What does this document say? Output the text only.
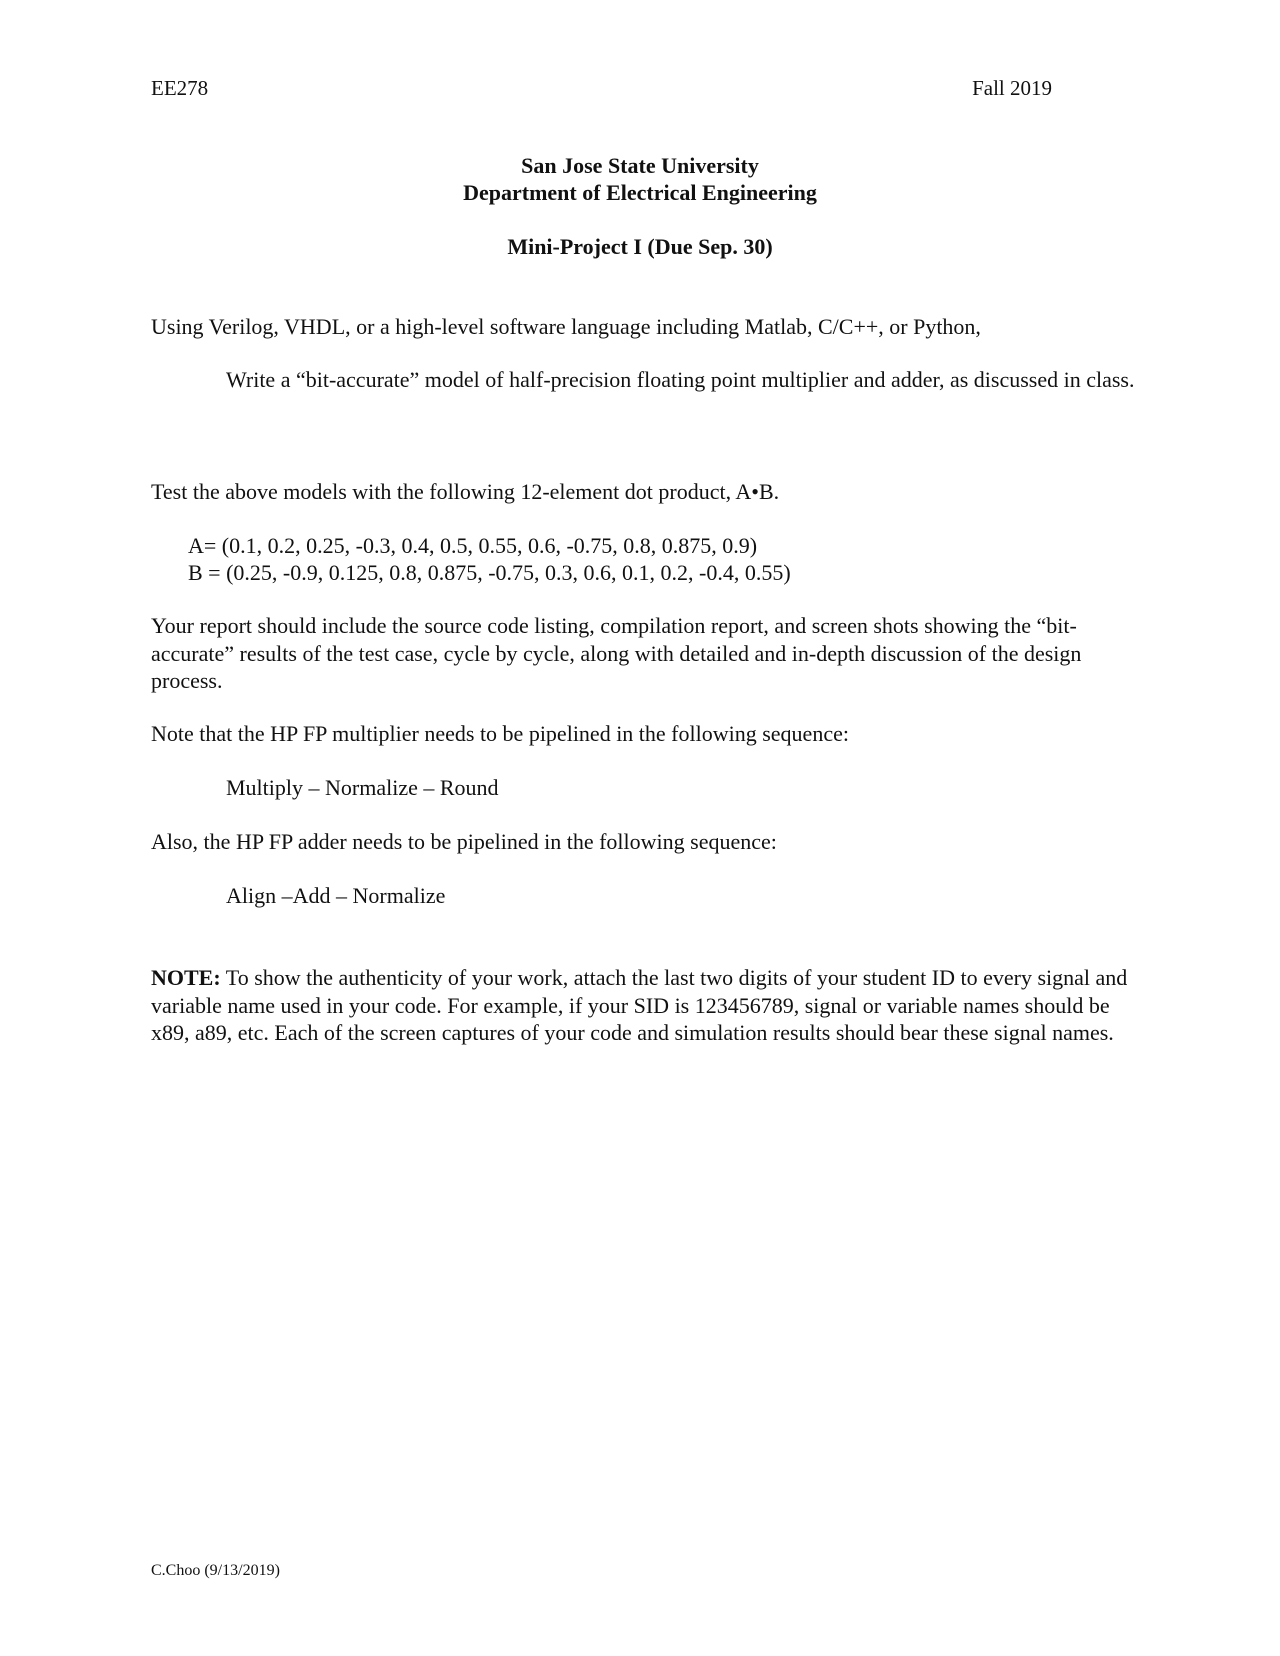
EE278	Fall 2019
San Jose State University
Department of Electrical Engineering
Mini-Project I (Due Sep. 30)
Using Verilog, VHDL, or a high-level software language including Matlab, C/C++, or Python,
Write a “bit-accurate” model of half-precision floating point multiplier and adder, as discussed in class.
Test the above models with the following 12-element dot product, A•B.
A= (0.1, 0.2, 0.25, -0.3, 0.4, 0.5, 0.55, 0.6, -0.75, 0.8, 0.875, 0.9)
B = (0.25, -0.9, 0.125, 0.8, 0.875, -0.75, 0.3, 0.6, 0.1, 0.2, -0.4, 0.55)
Your report should include the source code listing, compilation report, and screen shots showing the “bit-accurate” results of the test case, cycle by cycle, along with detailed and in-depth discussion of the design process.
Note that the HP FP multiplier needs to be pipelined in the following sequence:
Multiply – Normalize – Round
Also, the HP FP adder needs to be pipelined in the following sequence:
Align –Add – Normalize
NOTE: To show the authenticity of your work, attach the last two digits of your student ID to every signal and variable name used in your code. For example, if your SID is 123456789, signal or variable names should be x89, a89, etc. Each of the screen captures of your code and simulation results should bear these signal names.
C.Choo (9/13/2019)
